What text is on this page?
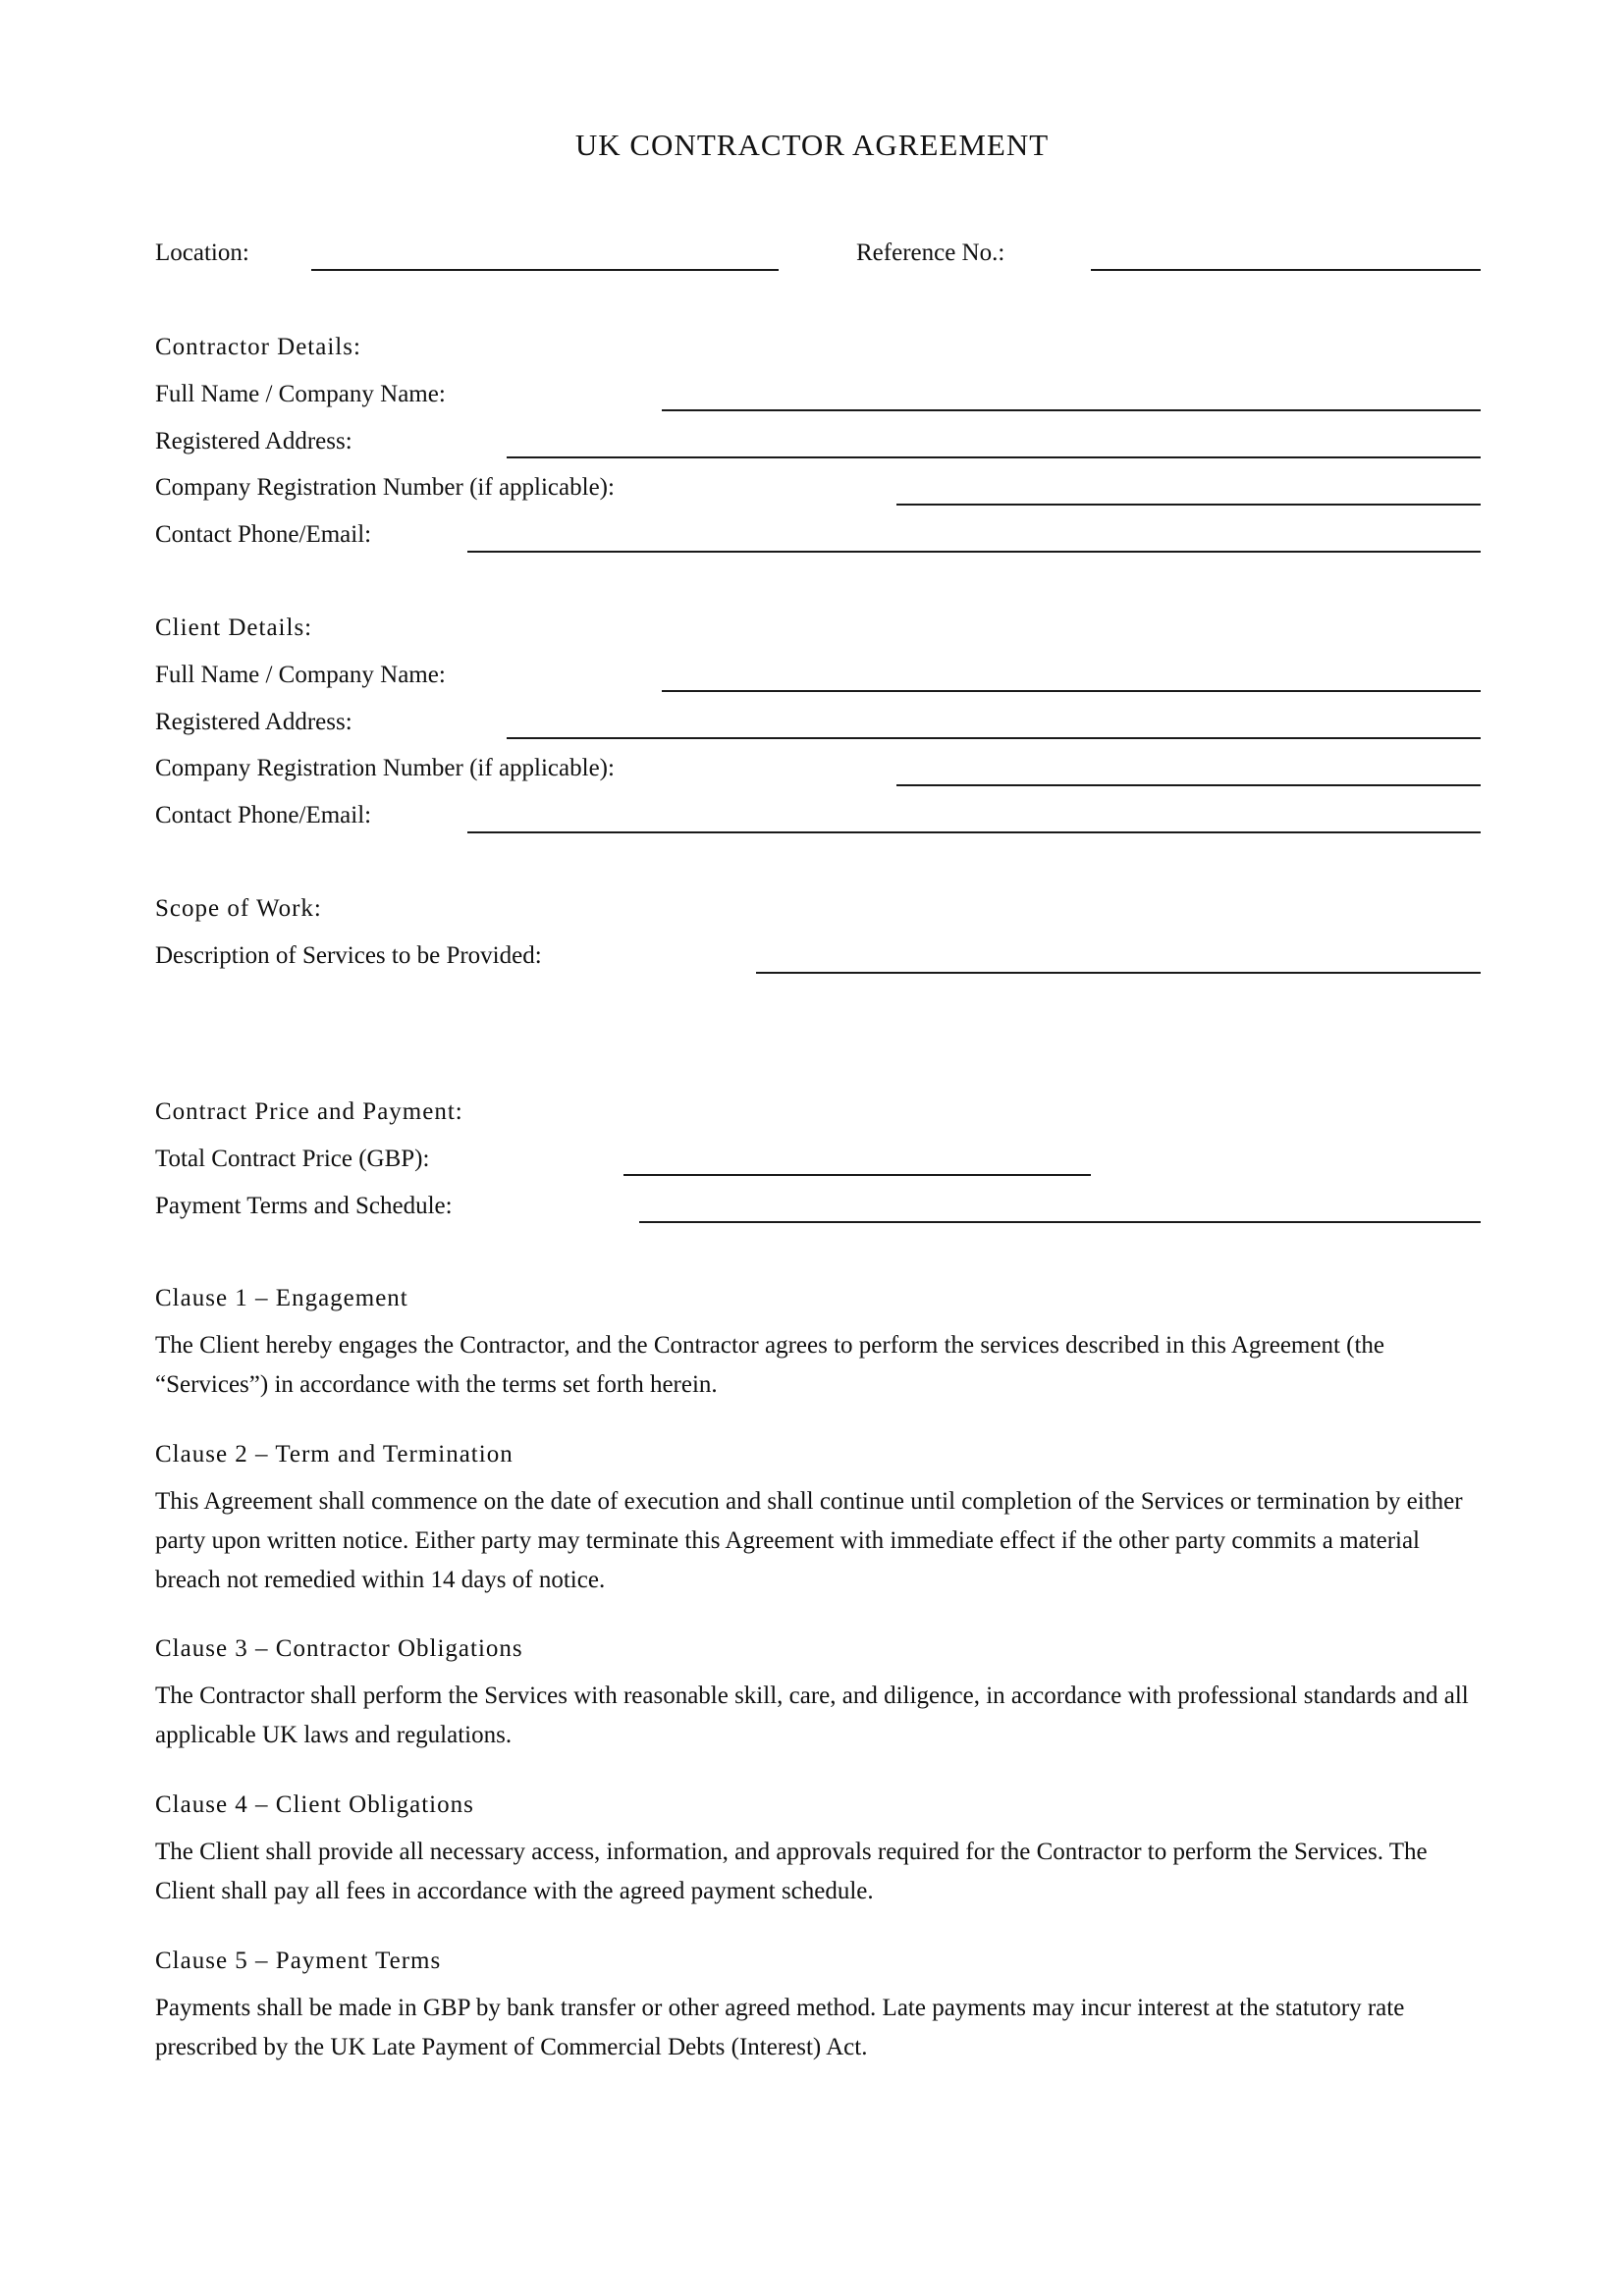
UK CONTRACTOR AGREEMENT
Location:	Reference No.:
Contractor Details:
Full Name / Company Name:
Registered Address:
Company Registration Number (if applicable):
Contact Phone/Email:
Client Details:
Full Name / Company Name:
Registered Address:
Company Registration Number (if applicable):
Contact Phone/Email:
Scope of Work:
Description of Services to be Provided:
Contract Price and Payment:
Total Contract Price (GBP):
Payment Terms and Schedule:
Clause 1 – Engagement
The Client hereby engages the Contractor, and the Contractor agrees to perform the services described in this Agreement (the “Services”) in accordance with the terms set forth herein.
Clause 2 – Term and Termination
This Agreement shall commence on the date of execution and shall continue until completion of the Services or termination by either party upon written notice. Either party may terminate this Agreement with immediate effect if the other party commits a material breach not remedied within 14 days of notice.
Clause 3 – Contractor Obligations
The Contractor shall perform the Services with reasonable skill, care, and diligence, in accordance with professional standards and all applicable UK laws and regulations.
Clause 4 – Client Obligations
The Client shall provide all necessary access, information, and approvals required for the Contractor to perform the Services. The Client shall pay all fees in accordance with the agreed payment schedule.
Clause 5 – Payment Terms
Payments shall be made in GBP by bank transfer or other agreed method. Late payments may incur interest at the statutory rate prescribed by the UK Late Payment of Commercial Debts (Interest) Act.
